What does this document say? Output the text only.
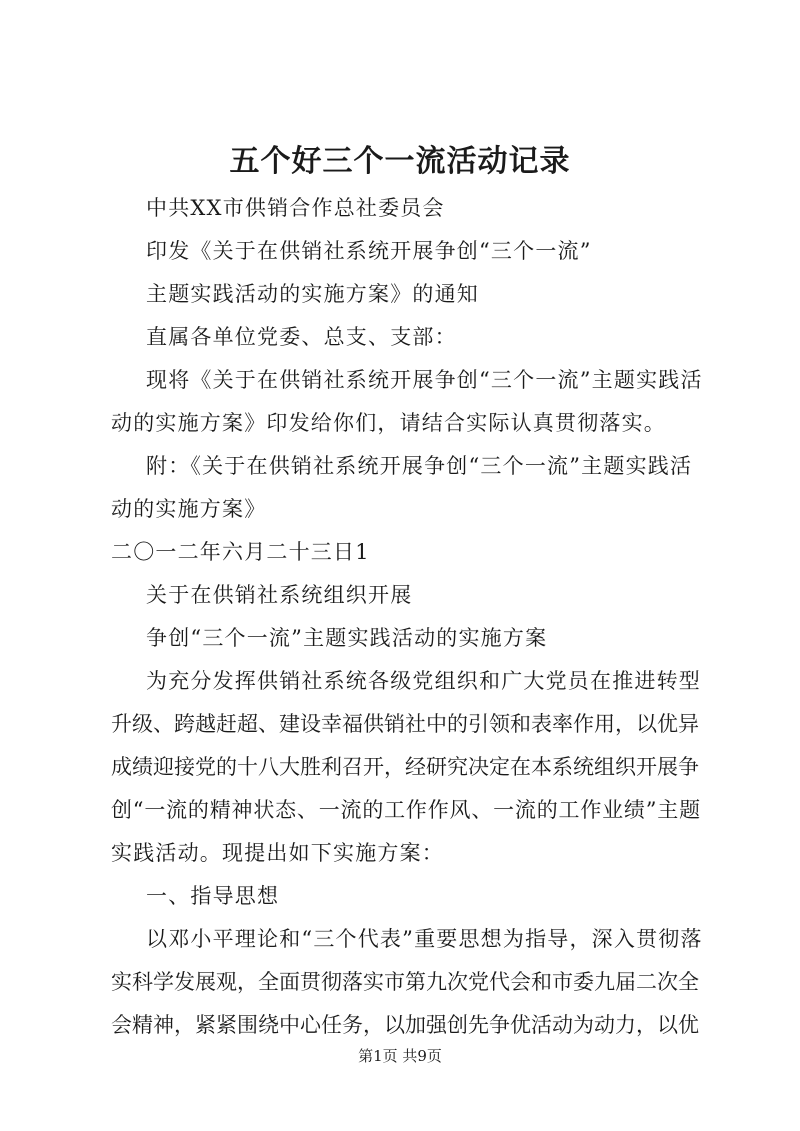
五个好三个一流活动记录

中共XX市供销合作总社委员会

印发《关于在供销社系统开展争创“三个一流”

主题实践活动的实施方案》的通知

直属各单位党委、总支、支部：

现将《关于在供销社系统开展争创“三个一流”主题实践活

动的实施方案》印发给你们，请结合实际认真贯彻落实。

附：《关于在供销社系统开展争创“三个一流”主题实践活

动的实施方案》

二〇一二年六月二十三日1

关于在供销社系统组织开展

争创“三个一流”主题实践活动的实施方案

为充分发挥供销社系统各级党组织和广大党员在推进转型

升级、跨越赶超、建设幸福供销社中的引领和表率作用，以优异

成绩迎接党的十八大胜利召开，经研究决定在本系统组织开展争

创“一流的精神状态、一流的工作作风、一流的工作业绩”主题

实践活动。现提出如下实施方案：

一、指导思想

以邓小平理论和“三个代表”重要思想为指导，深入贯彻落

实科学发展观，全面贯彻落实市第九次党代会和市委九届二次全

会精神，紧紧围绕中心任务，以加强创先争优活动为动力，以优

第1页 共9页
